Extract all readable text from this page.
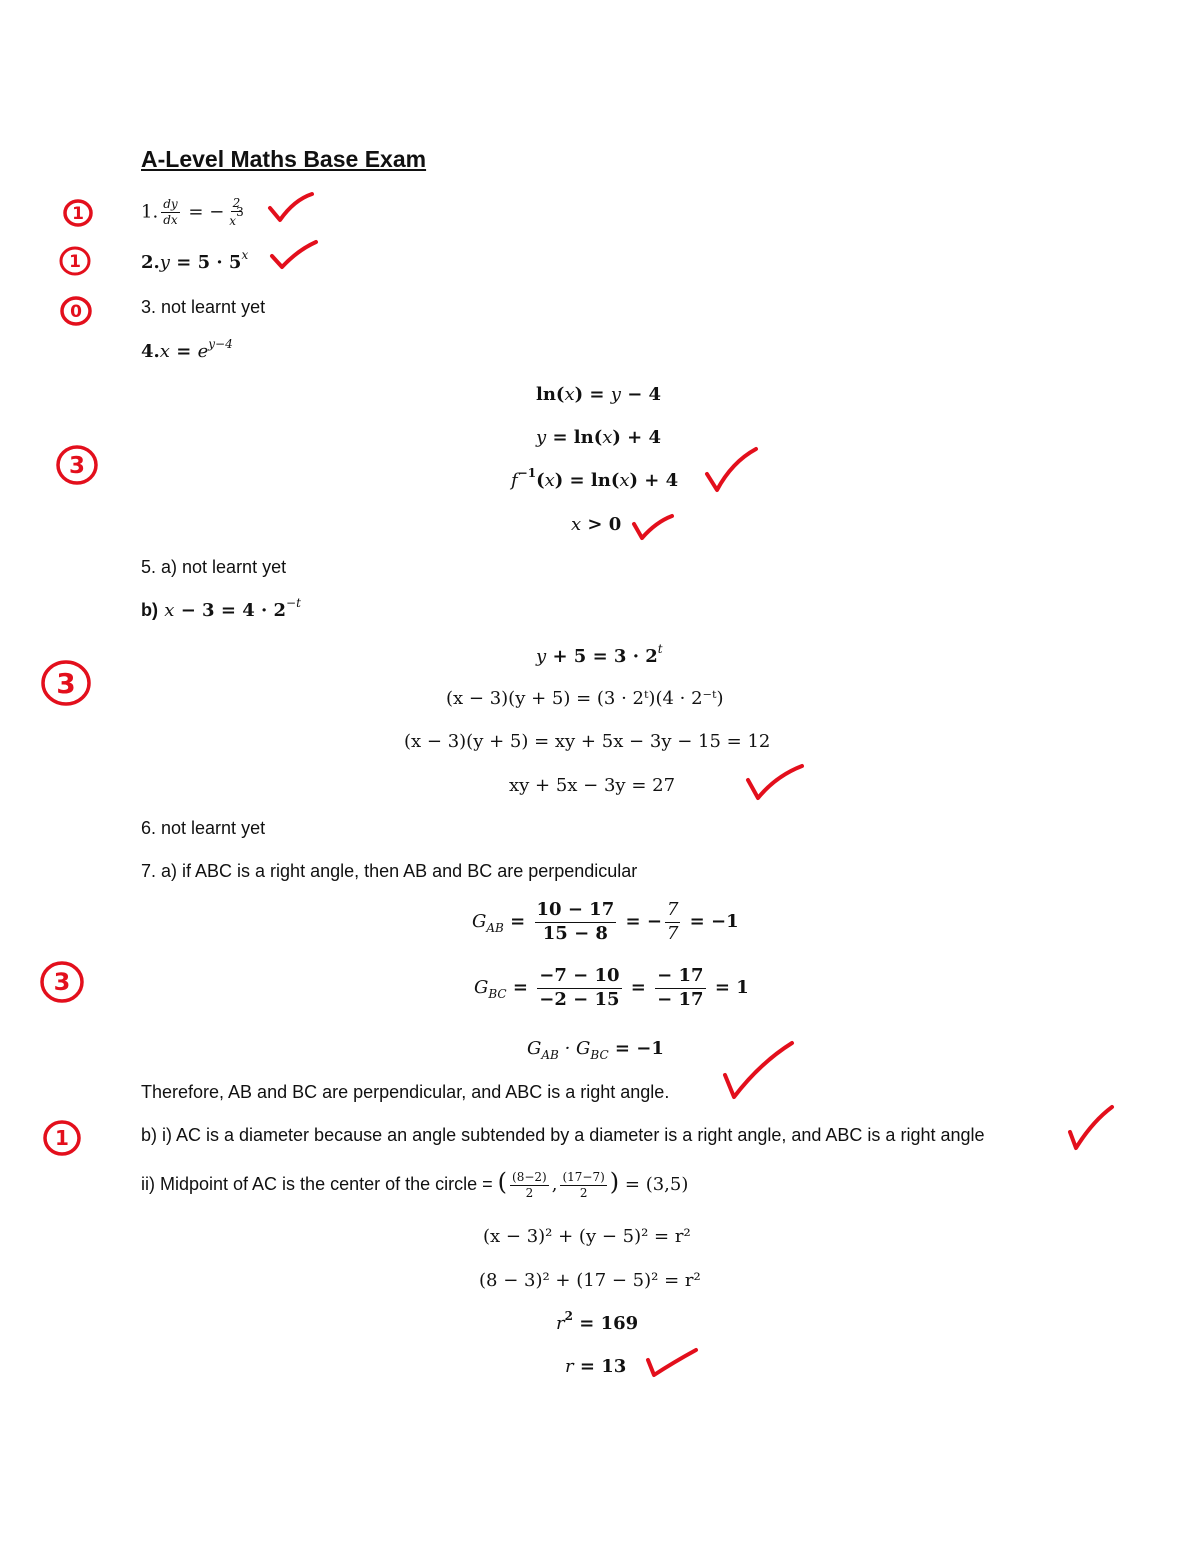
A-Level Maths Base Exam
1. $\frac{dy}{dx}$ = − $\frac{2}{x^3}$
$2.y = 5 \cdot 5^x$
3. not learnt yet
$4.x = e^{y-4}$
ln(x) = y − 4
y = ln(x) + 4
$f^{-1}(x) = \ln(x) + 4$
x > 0
5. a) not learnt yet
b) $x - 3 = 4 \cdot 2^{-t}$
$y + 5 = 3 \cdot 2^t$
(x − 3)(y + 5) = (3 · 2ᵗ)(4 · 2⁻ᵗ)
(x − 3)(y + 5) = xy + 5x − 3y − 15 = 12
xy + 5x − 3y = 27
6. not learnt yet
7. a) if ABC is a right angle, then AB and BC are perpendicular
$G_{AB} = \frac{10 - 17}{15 - 8}$ = − $\frac{7}{7} = -1$
$G_{BC} = \frac{-7 - 10}{-2 - 15} = \frac{- 17}{- 17} = 1$
$G_{AB} \cdot G_{BC} = -1$
Therefore, AB and BC are perpendicular, and ABC is a right angle.
b) i) AC is a diameter because an angle subtended by a diameter is a right angle, and ABC is a right angle
ii) Midpoint of AC is the center of the circle = ( $\frac{(8-2)}{2}$ , $\frac{(17-7)}{2}$ ) = (3,5)
(x − 3)² + (y − 5)² = r²
(8 − 3)² + (17 − 5)² = r²
$r^2 = 169$
r = 13
1
1
0
3
3
3
1
